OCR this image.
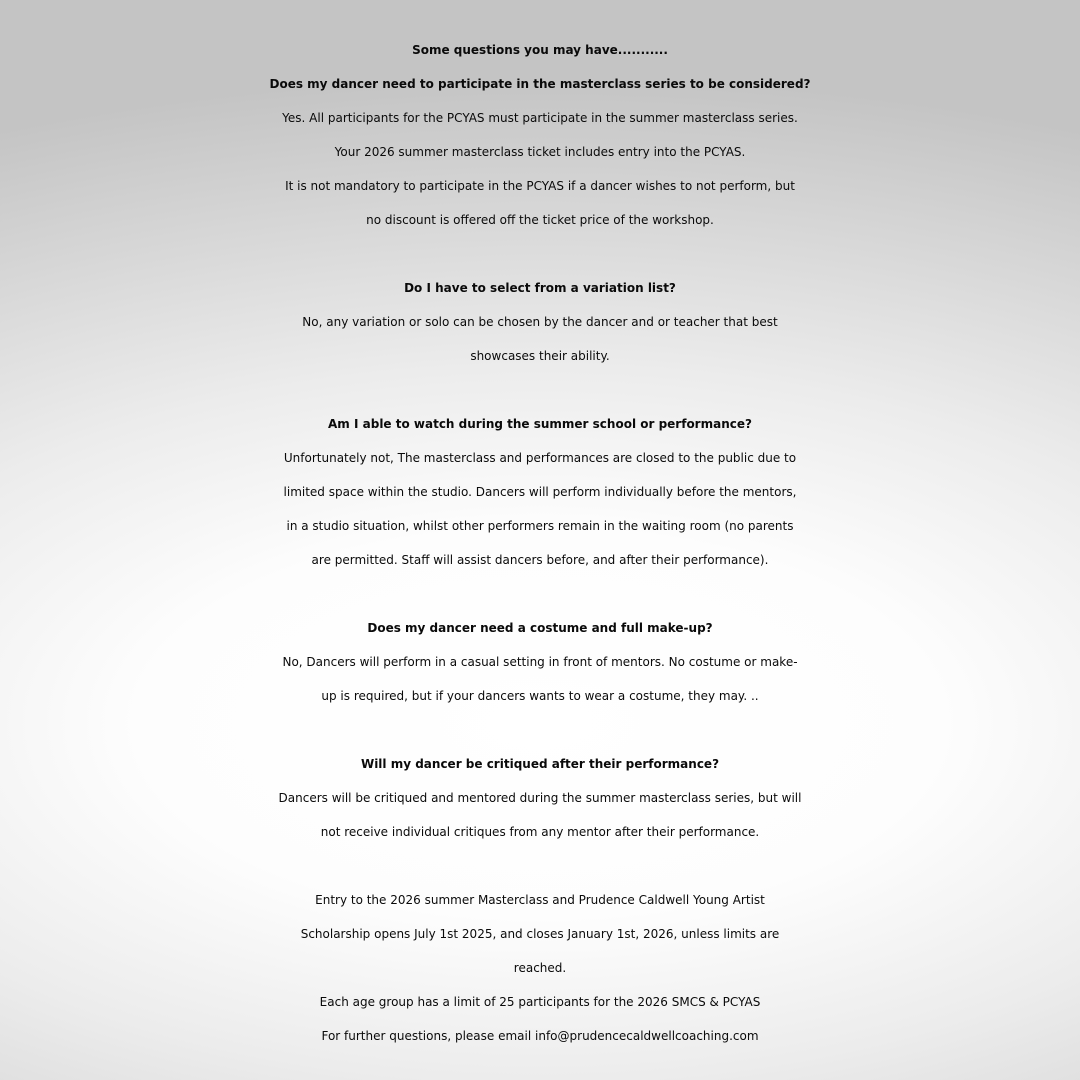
Some questions you may have...........
Does my dancer need to participate in the masterclass series to be considered?
Yes. All participants for the PCYAS must participate in the summer masterclass series.
Your 2026 summer masterclass ticket includes entry into the PCYAS.
It is not mandatory to participate in the PCYAS if a dancer wishes to not perform, but
no discount is offered off the ticket price of the workshop.
Do I have to select from a variation list?
No, any variation or solo can be chosen by the dancer and or teacher that best
showcases their ability.
Am I able to watch during the summer school or performance?
Unfortunately not, The masterclass and performances are closed to the public due to
limited space within the studio. Dancers will perform individually before the mentors,
in a studio situation, whilst other performers remain in the waiting room (no parents
are permitted. Staff will assist dancers before, and after their performance).
Does my dancer need a costume and full make-up?
No, Dancers will perform in a casual setting in front of mentors. No costume or make-
up is required, but if your dancers wants to wear a costume, they may. ..
Will my dancer be critiqued after their performance?
Dancers will be critiqued and mentored during the summer masterclass series, but will
not receive individual critiques from any mentor after their performance.
Entry to the 2026 summer Masterclass and Prudence Caldwell Young Artist
Scholarship opens July 1st 2025, and closes January 1st, 2026, unless limits are
reached.
Each age group has a limit of 25 participants for the 2026 SMCS & PCYAS
For further questions, please email info@prudencecaldwellcoaching.com
